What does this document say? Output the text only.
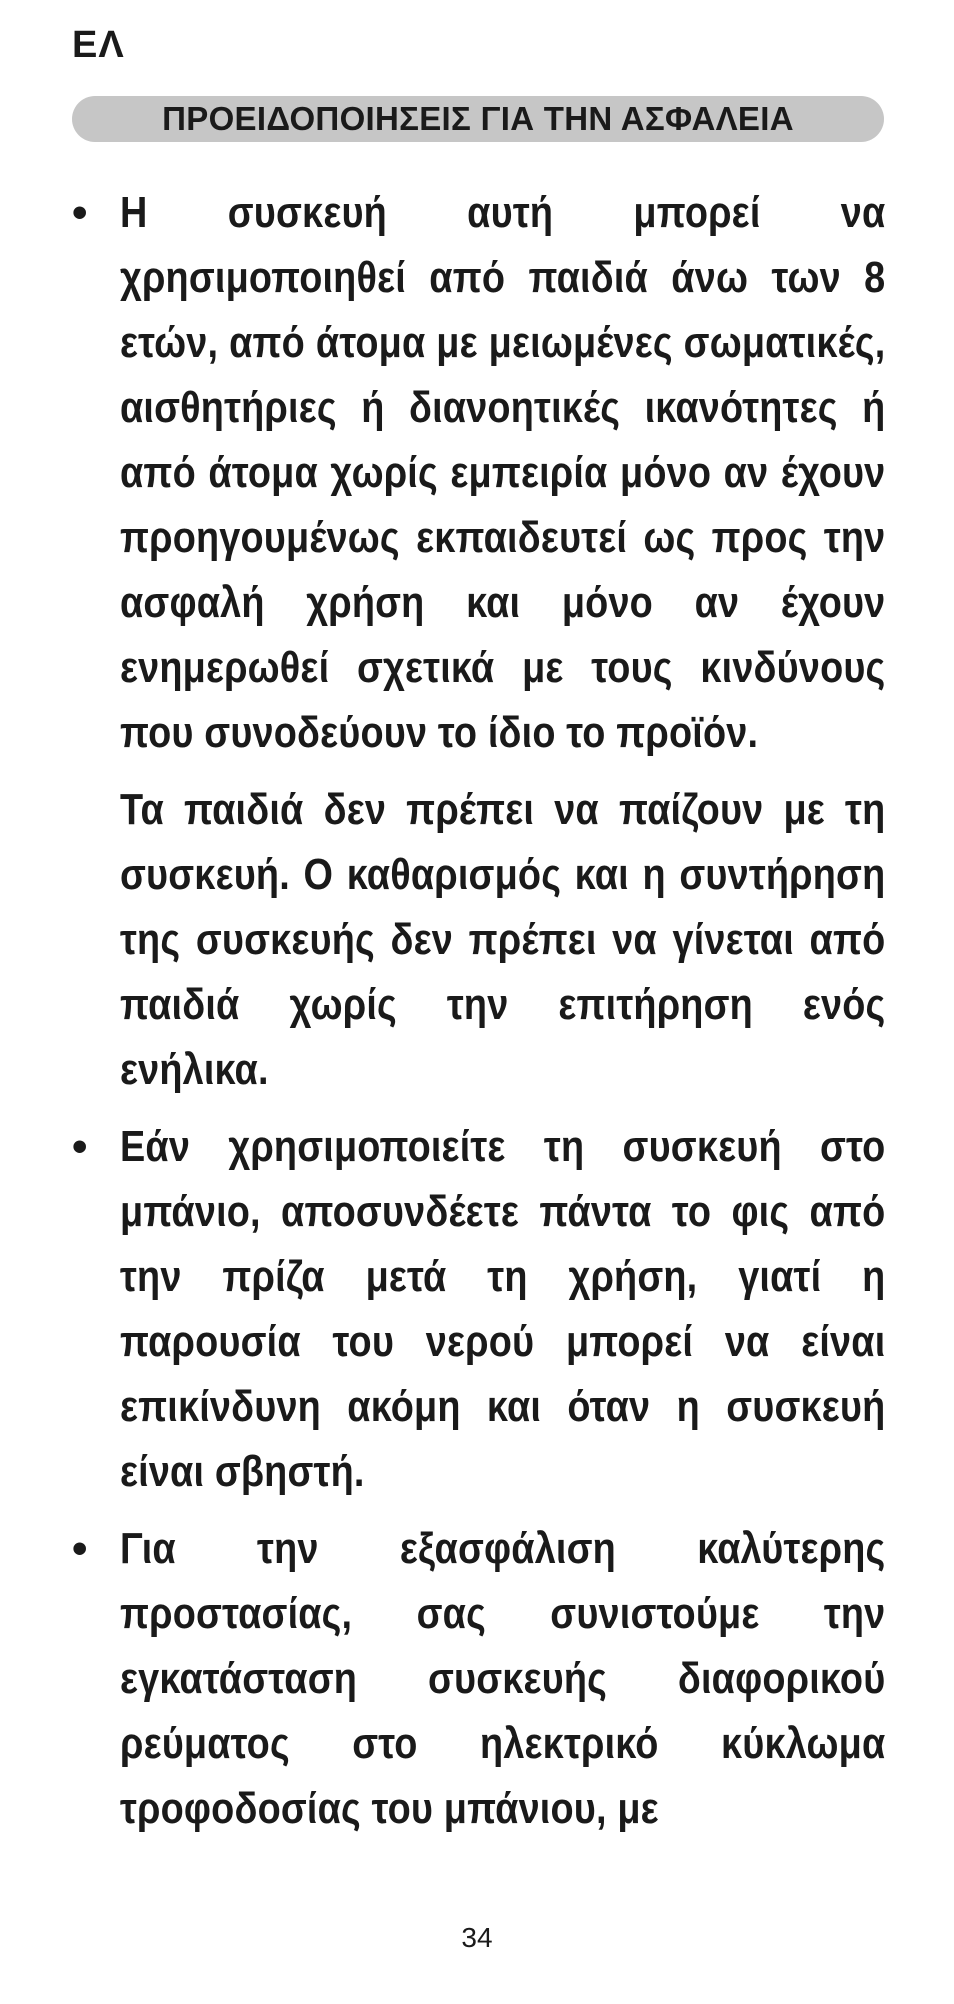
ΕΛ
ΠΡΟΕΙΔΟΠΟΙΗΣΕΙΣ ΓΙΑ ΤΗΝ ΑΣΦΑΛΕΙΑ
• Η συσκευή αυτή μπορεί να χρησιμοποιηθεί από παιδιά άνω των 8 ετών, από άτομα με μειωμένες σωματικές, αισθητήριες ή διανοητικές ικανότητες ή από άτομα χωρίς εμπειρία μόνο αν έχουν προηγουμένως εκπαιδευτεί ως προς την ασφαλή χρήση και μόνο αν έχουν ενημερωθεί σχετικά με τους κινδύνους που συνοδεύουν το ίδιο το προϊόν.

Τα παιδιά δεν πρέπει να παίζουν με τη συσκευή. Ο καθαρισμός και η συντήρηση της συσκευής δεν πρέπει να γίνεται από παιδιά χωρίς την επιτήρηση ενός ενήλικα.

• Εάν χρησιμοποιείτε τη συσκευή στο μπάνιο, αποσυνδέετε πάντα το φις από την πρίζα μετά τη χρήση, γιατί η παρουσία του νερού μπορεί να είναι επικίνδυνη ακόμη και όταν η συσκευή είναι σβηστή.

• Για την εξασφάλιση καλύτερης προστασίας, σας συνιστούμε την εγκατάσταση συσκευής διαφορικού ρεύματος στο ηλεκτρικό κύκλωμα τροφοδοσίας του μπάνιου, με

34
